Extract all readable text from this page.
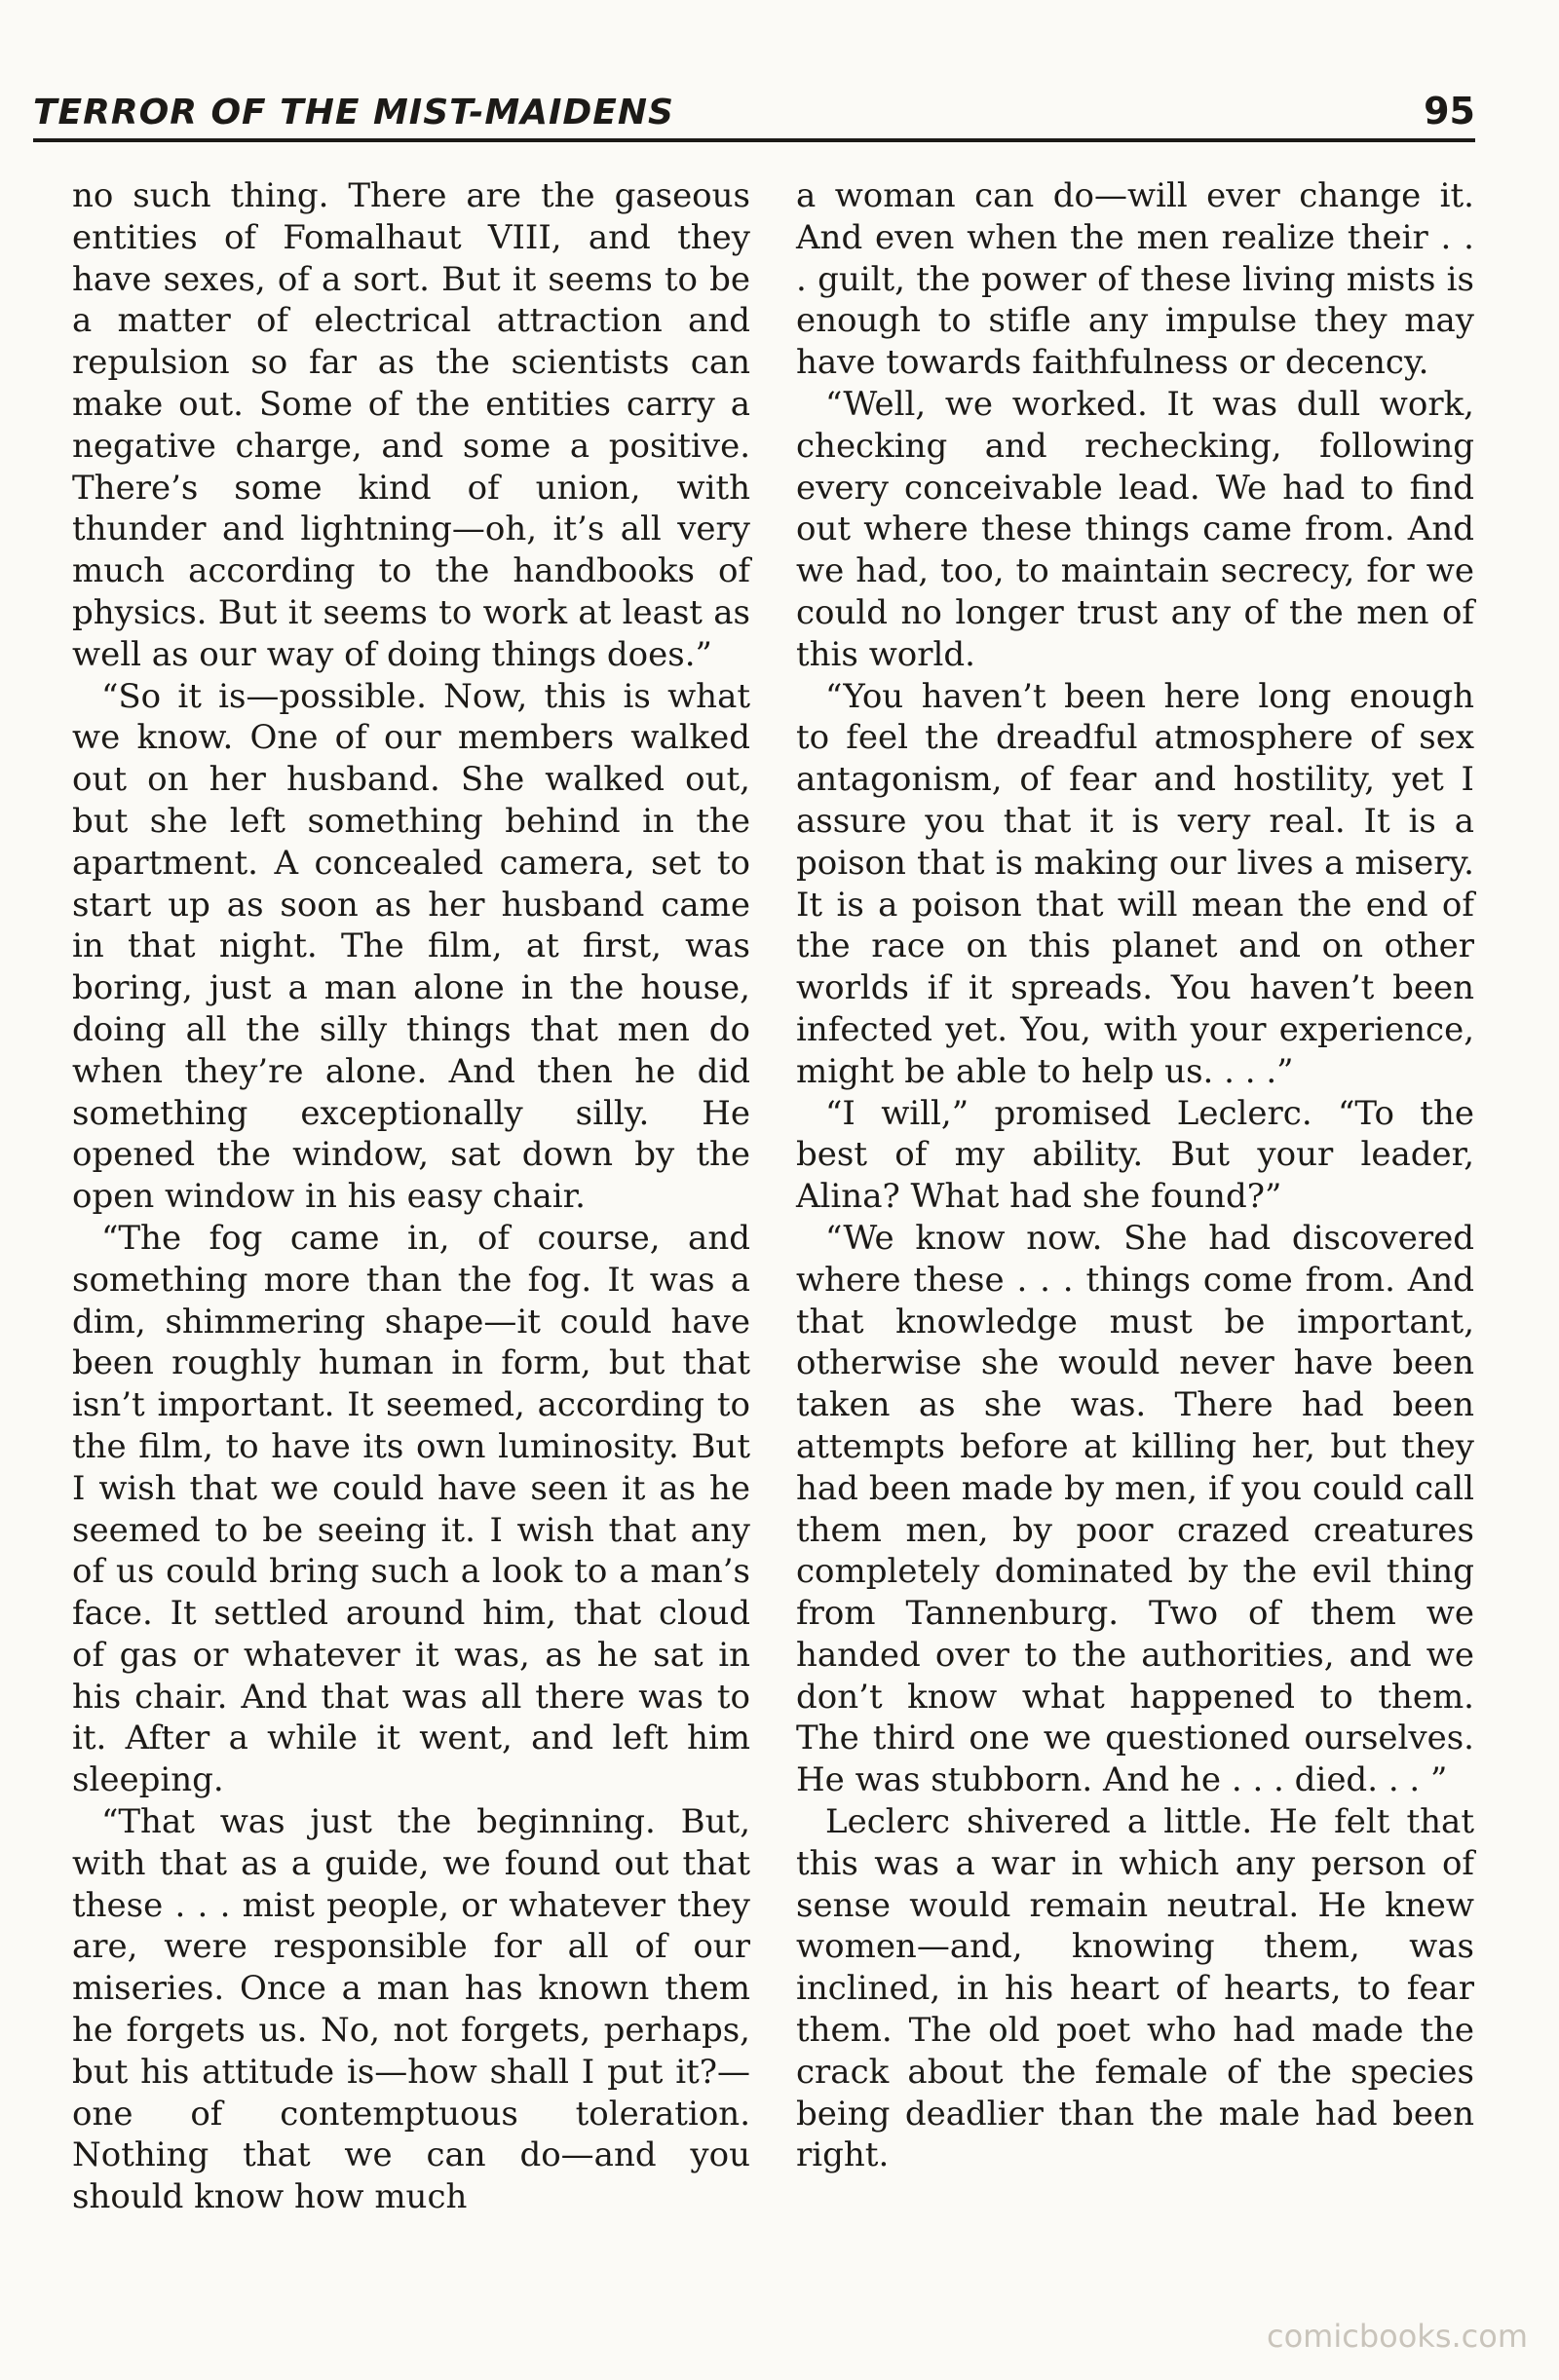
TERROR OF THE MIST-MAIDENS	95

no such thing. There are the gaseous entities of Fomalhaut VIII, and they have sexes, of a sort. But it seems to be a matter of electrical attraction and repulsion so far as the scientists can make out. Some of the entities carry a negative charge, and some a positive. There’s some kind of union, with thunder and lightning—oh, it’s all very much according to the handbooks of physics. But it seems to work at least as well as our way of doing things does.”

“So it is—possible. Now, this is what we know. One of our members walked out on her husband. She walked out, but she left something behind in the apartment. A concealed camera, set to start up as soon as her husband came in that night. The film, at first, was boring, just a man alone in the house, doing all the silly things that men do when they’re alone. And then he did something exceptionally silly. He opened the window, sat down by the open window in his easy chair.

“The fog came in, of course, and something more than the fog. It was a dim, shimmering shape—it could have been roughly human in form, but that isn’t important. It seemed, according to the film, to have its own luminosity. But I wish that we could have seen it as he seemed to be seeing it. I wish that any of us could bring such a look to a man’s face. It settled around him, that cloud of gas or whatever it was, as he sat in his chair. And that was all there was to it. After a while it went, and left him sleeping.

“That was just the beginning. But, with that as a guide, we found out that these . . . mist people, or whatever they are, were responsible for all of our miseries. Once a man has known them he forgets us. No, not forgets, perhaps, but his attitude is—how shall I put it?—one of contemptuous toleration. Nothing that we can do—and you should know how much

a woman can do—will ever change it. And even when the men realize their . . . guilt, the power of these living mists is enough to stifle any impulse they may have towards faithfulness or decency.

“Well, we worked. It was dull work, checking and rechecking, following every conceivable lead. We had to find out where these things came from. And we had, too, to maintain secrecy, for we could no longer trust any of the men of this world.

“You haven’t been here long enough to feel the dreadful atmosphere of sex antagonism, of fear and hostility, yet I assure you that it is very real. It is a poison that is making our lives a misery. It is a poison that will mean the end of the race on this planet and on other worlds if it spreads. You haven’t been infected yet. You, with your experience, might be able to help us. . . .”

“I will,” promised Leclerc. “To the best of my ability. But your leader, Alina? What had she found?”

“We know now. She had discovered where these . . . things come from. And that knowledge must be important, otherwise she would never have been taken as she was. There had been attempts before at killing her, but they had been made by men, if you could call them men, by poor crazed creatures completely dominated by the evil thing from Tannenburg. Two of them we handed over to the authorities, and we don’t know what happened to them. The third one we questioned ourselves. He was stubborn. And he . . . died. . . ”

Leclerc shivered a little. He felt that this was a war in which any person of sense would remain neutral. He knew women—and, knowing them, was inclined, in his heart of hearts, to fear them. The old poet who had made the crack about the female of the species being deadlier than the male had been right.

comicbooks.com
